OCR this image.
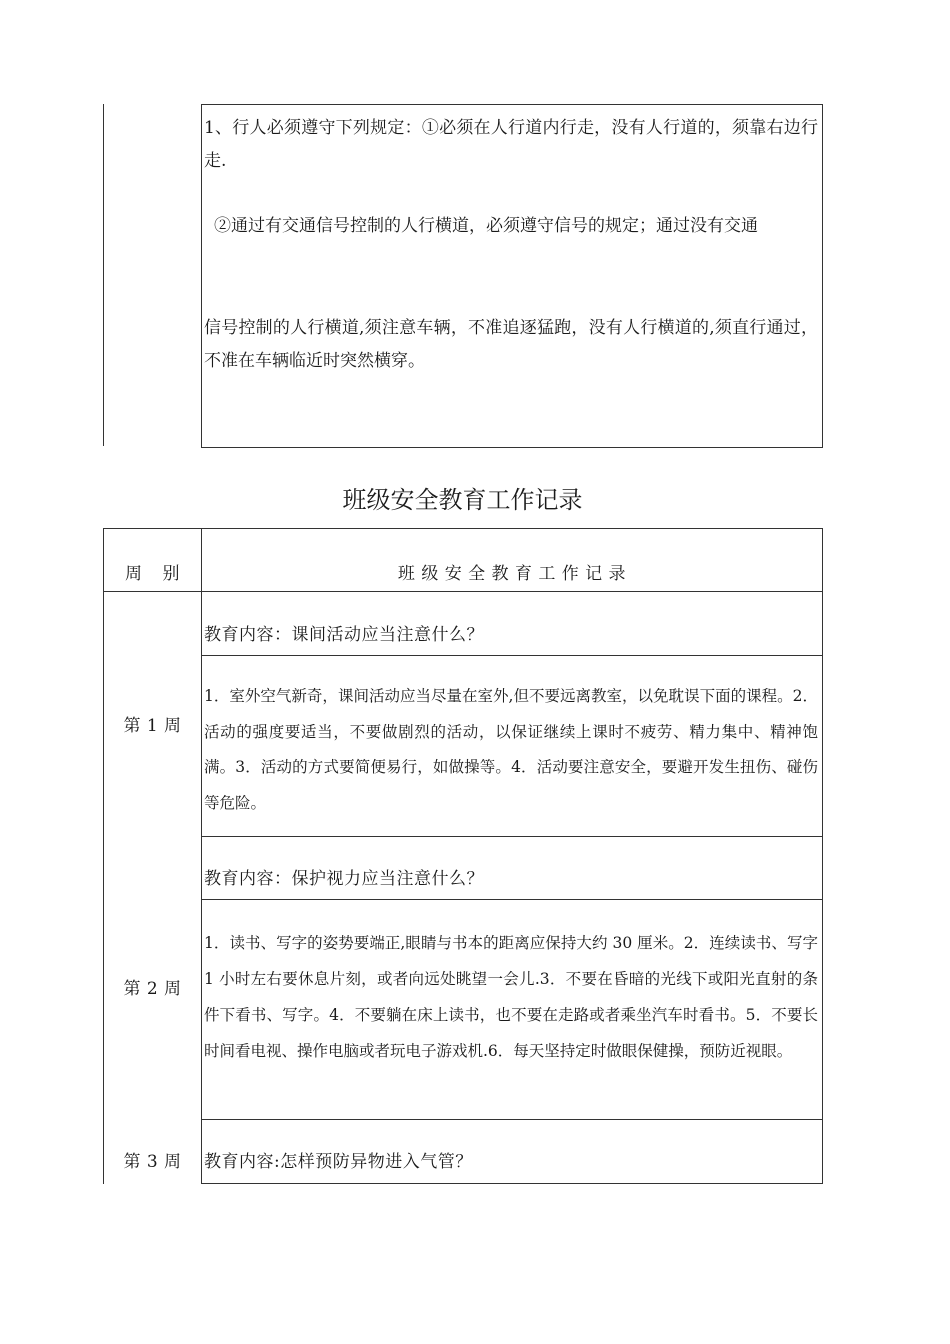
1、行人必须遵守下列规定：①必须在人行道内行走，没有人行道的，须靠右边行走.
②通过有交通信号控制的人行横道，必须遵守信号的规定；通过没有交通
信号控制的人行横道,须注意车辆，不准追逐猛跑，没有人行横道的,须直行通过，不准在车辆临近时突然横穿。
班级安全教育工作记录
周 别	班 级 安 全 教 育 工 作 记 录
第 1 周
教育内容：课间活动应当注意什么？
1．室外空气新奇，课间活动应当尽量在室外,但不要远离教室，以免耽误下面的课程。2．活动的强度要适当，不要做剧烈的活动，以保证继续上课时不疲劳、精力集中、精神饱满。3．活动的方式要简便易行，如做操等。4．活动要注意安全，要避开发生扭伤、碰伤等危险。
第 2 周
教育内容：保护视力应当注意什么？
1．读书、写字的姿势要端正,眼睛与书本的距离应保持大约 30 厘米。2．连续读书、写字 1 小时左右要休息片刻，或者向远处眺望一会儿.3．不要在昏暗的光线下或阳光直射的条件下看书、写字。4．不要躺在床上读书，也不要在走路或者乘坐汽车时看书。5．不要长时间看电视、操作电脑或者玩电子游戏机.6．每天坚持定时做眼保健操，预防近视眼。
第 3 周	教育内容:怎样预防异物进入气管？
